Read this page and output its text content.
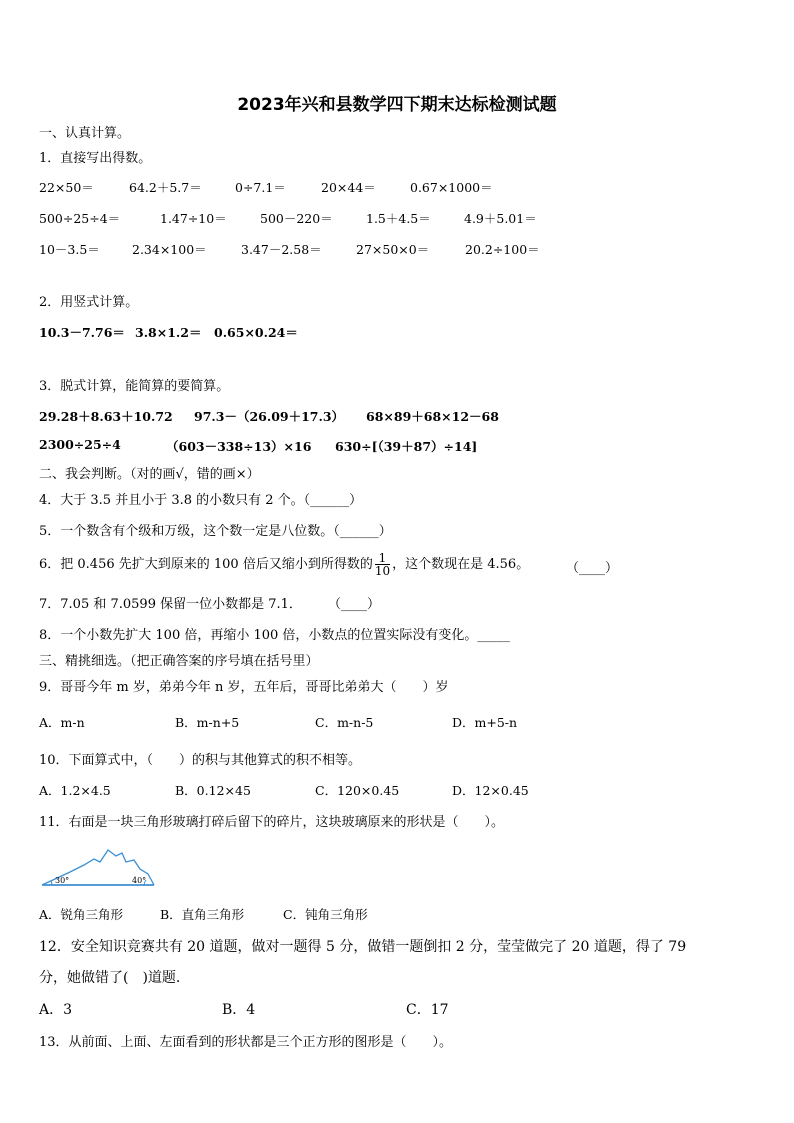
2023年兴和县数学四下期末达标检测试题
一、认真计算。
1．直接写出得数。
22×50＝	64.2＋5.7＝	0÷7.1＝	20×44＝	0.67×1000＝
500÷25÷4＝	1.47÷10＝	500－220＝	1.5＋4.5＝	4.9＋5.01＝
10－3.5＝	2.34×100＝	3.47－2.58＝	27×50×0＝	20.2÷100＝
2．用竖式计算。
10.3－7.76＝ 3.8×1.2＝ 0.65×0.24＝
3．脱式计算，能简算的要简算。
29.28＋8.63＋10.72 97.3－（26.09＋17.3） 68×89＋68×12－68
2300÷25÷4	（603－338÷13）×16 630÷[（39＋87）÷14]
二、我会判断。（对的画√，错的画×）
4．大于 3.5 并且小于 3.8 的小数只有 2 个。（______）
5．一个数含有个级和万级，这个数一定是八位数。（______）
6．把 0.456 先扩大到原来的 100 倍后又缩小到所得数的 $\frac{1}{10}$ ，这个数现在是 4.56。	（____）
7．7.05 和 7.0599 保留一位小数都是 7.1． （____）
8．一个小数先扩大 100 倍，再缩小 100 倍，小数点的位置实际没有变化。_____
三、精挑细选。（把正确答案的序号填在括号里）
9．哥哥今年 m 岁，弟弟今年 n 岁，五年后，哥哥比弟弟大（　　）岁
A．m-n	B．m-n+5	C．m-n-5	D．m+5-n
10．下面算式中，（　　）的积与其他算式的积不相等。
A．1.2×4.5	B．0.12×45	C．120×0.45	D．12×0.45
11．右面是一块三角形玻璃打碎后留下的碎片，这块玻璃原来的形状是（　　）。
30°	40°
A．锐角三角形	B．直角三角形	C．钝角三角形
12．安全知识竞赛共有 20 道题，做对一题得 5 分，做错一题倒扣 2 分，莹莹做完了 20 道题，得了 79
分，她做错了(　)道题.
A．3	B．4	C．17
13．从前面、上面、左面看到的形状都是三个正方形的图形是（　　）。
